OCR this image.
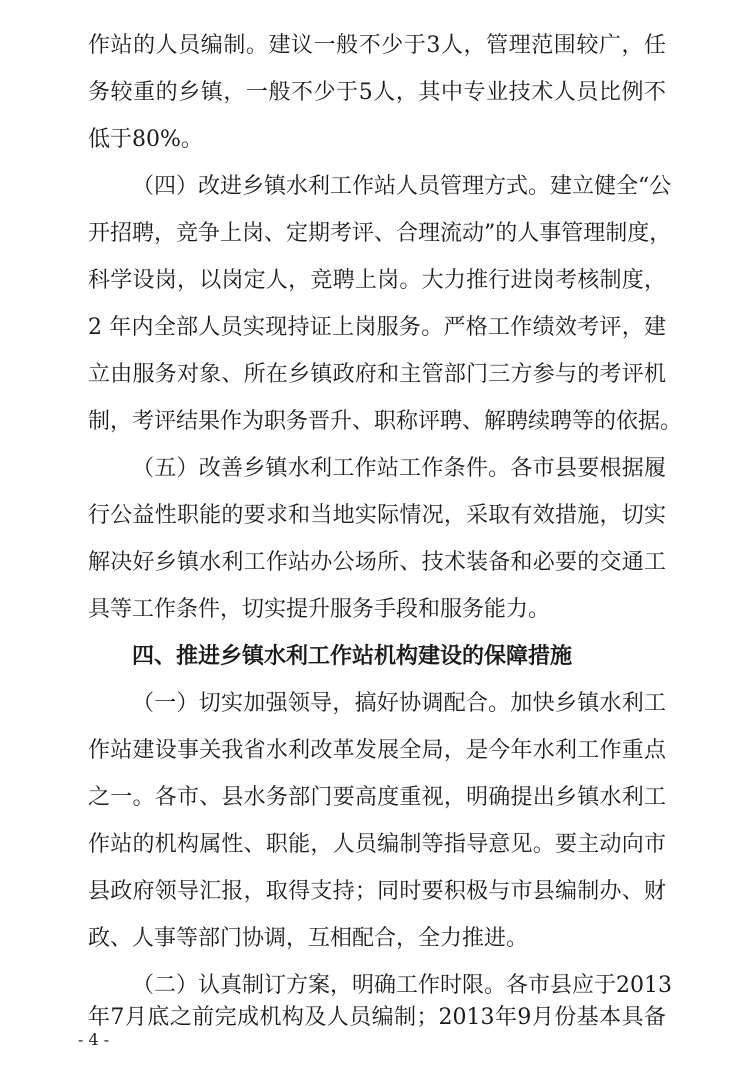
作站的人员编制。建议一般不少于3人，管理范围较广，任
务较重的乡镇，一般不少于5人，其中专业技术人员比例不
低于80%。
（四）改进乡镇水利工作站人员管理方式。建立健全“公
开招聘，竞争上岗、定期考评、合理流动”的人事管理制度，
科学设岗，以岗定人，竞聘上岗。大力推行进岗考核制度，
2 年内全部人员实现持证上岗服务。严格工作绩效考评，建
立由服务对象、所在乡镇政府和主管部门三方参与的考评机
制，考评结果作为职务晋升、职称评聘、解聘续聘等的依据。
（五）改善乡镇水利工作站工作条件。各市县要根据履
行公益性职能的要求和当地实际情况，采取有效措施，切实
解决好乡镇水利工作站办公场所、技术装备和必要的交通工
具等工作条件，切实提升服务手段和服务能力。
四、推进乡镇水利工作站机构建设的保障措施
（一）切实加强领导，搞好协调配合。加快乡镇水利工
作站建设事关我省水利改革发展全局，是今年水利工作重点
之一。各市、县水务部门要高度重视，明确提出乡镇水利工
作站的机构属性、职能，人员编制等指导意见。要主动向市
县政府领导汇报，取得支持；同时要积极与市县编制办、财
政、人事等部门协调，互相配合，全力推进。
（二）认真制订方案，明确工作时限。各市县应于2013
年7月底之前完成机构及人员编制；2013年9月份基本具备
- 4 -
